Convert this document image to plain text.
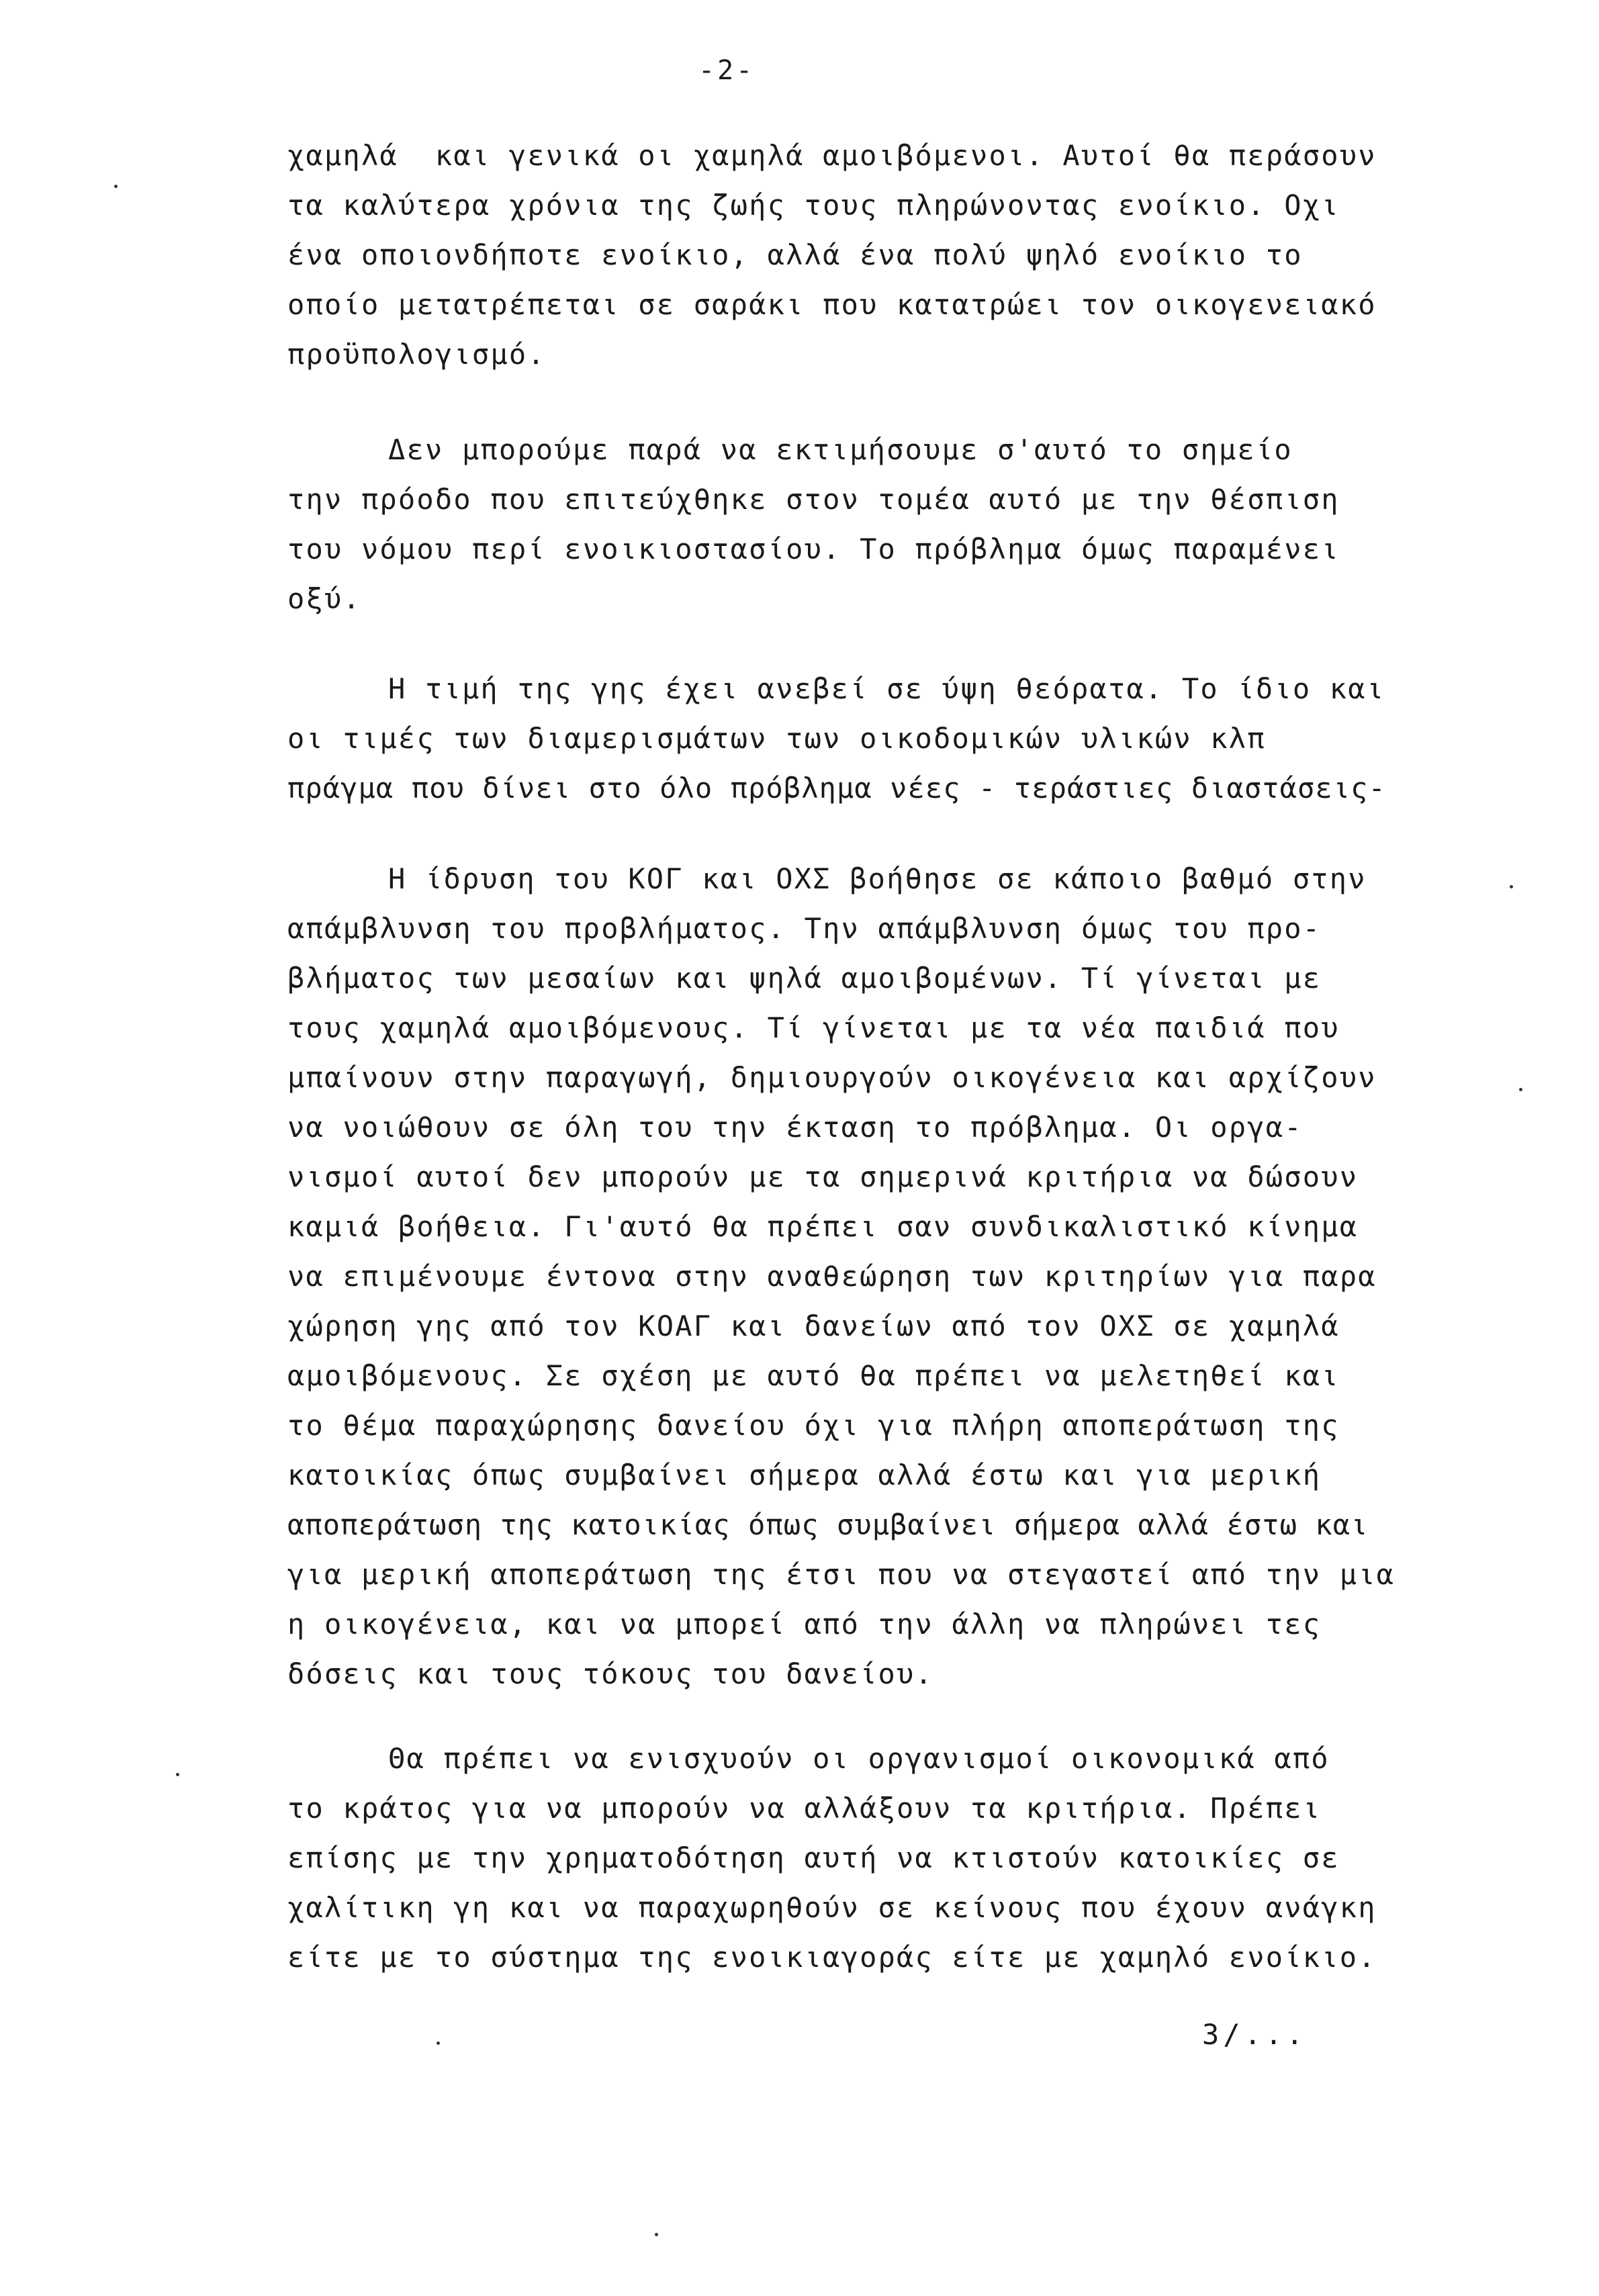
-2-
χαμηλά  και γενικά οι χαμηλά αμοιβόμενοι. Αυτοί θα περάσουν
τα καλύτερα χρόνια της ζωής τους πληρώνοντας ενοίκιο. Οχι
ένα οποιονδήποτε ενοίκιο, αλλά ένα πολύ ψηλό ενοίκιο το
οποίο μετατρέπεται σε σαράκι που κατατρώει τον οικογενειακό
προϋπολογισμό.
Δεν μπορούμε παρά να εκτιμήσουμε σ'αυτό το σημείο
την πρόοδο που επιτεύχθηκε στον τομέα αυτό με την θέσπιση
του νόμου περί ενοικιοστασίου. Το πρόβλημα όμως παραμένει
οξύ.
Η τιμή της γης έχει ανεβεί σε ύψη θεόρατα. Το ίδιο και
οι τιμές των διαμερισμάτων των οικοδομικών υλικών κλπ
πράγμα που δίνει στο όλο πρόβλημα νέες - τεράστιες διαστάσεις-
Η ίδρυση του ΚΟΓ και ΟΧΣ βοήθησε σε κάποιο βαθμό στην
απάμβλυνση του προβλήματος. Την απάμβλυνση όμως του προ-
βλήματος των μεσαίων και ψηλά αμοιβομένων. Τί γίνεται με
τους χαμηλά αμοιβόμενους. Τί γίνεται με τα νέα παιδιά που
μπαίνουν στην παραγωγή, δημιουργούν οικογένεια και αρχίζουν
να νοιώθουν σε όλη του την έκταση το πρόβλημα. Οι οργα-
νισμοί αυτοί δεν μπορούν με τα σημερινά κριτήρια να δώσουν
καμιά βοήθεια. Γι'αυτό θα πρέπει σαν συνδικαλιστικό κίνημα
να επιμένουμε έντονα στην αναθεώρηση των κριτηρίων για παρα
χώρηση γης από τον ΚΟΑΓ και δανείων από τον ΟΧΣ σε χαμηλά
αμοιβόμενους. Σε σχέση με αυτό θα πρέπει να μελετηθεί και
το θέμα παραχώρησης δανείου όχι για πλήρη αποπεράτωση της
κατοικίας όπως συμβαίνει σήμερα αλλά έστω και για μερική
αποπεράτωση της κατοικίας όπως συμβαίνει σήμερα αλλά έστω και
για μερική αποπεράτωση της έτσι που να στεγαστεί από την μια
η οικογένεια, και να μπορεί από την άλλη να πληρώνει τες
δόσεις και τους τόκους του δανείου.
Θα πρέπει να ενισχυούν οι οργανισμοί οικονομικά από
το κράτος για να μπορούν να αλλάξουν τα κριτήρια. Πρέπει
επίσης με την χρηματοδότηση αυτή να κτιστούν κατοικίες σε
χαλίτικη γη και να παραχωρηθούν σε κείνους που έχουν ανάγκη
είτε με το σύστημα της ενοικιαγοράς είτε με χαμηλό ενοίκιο.
3/...
